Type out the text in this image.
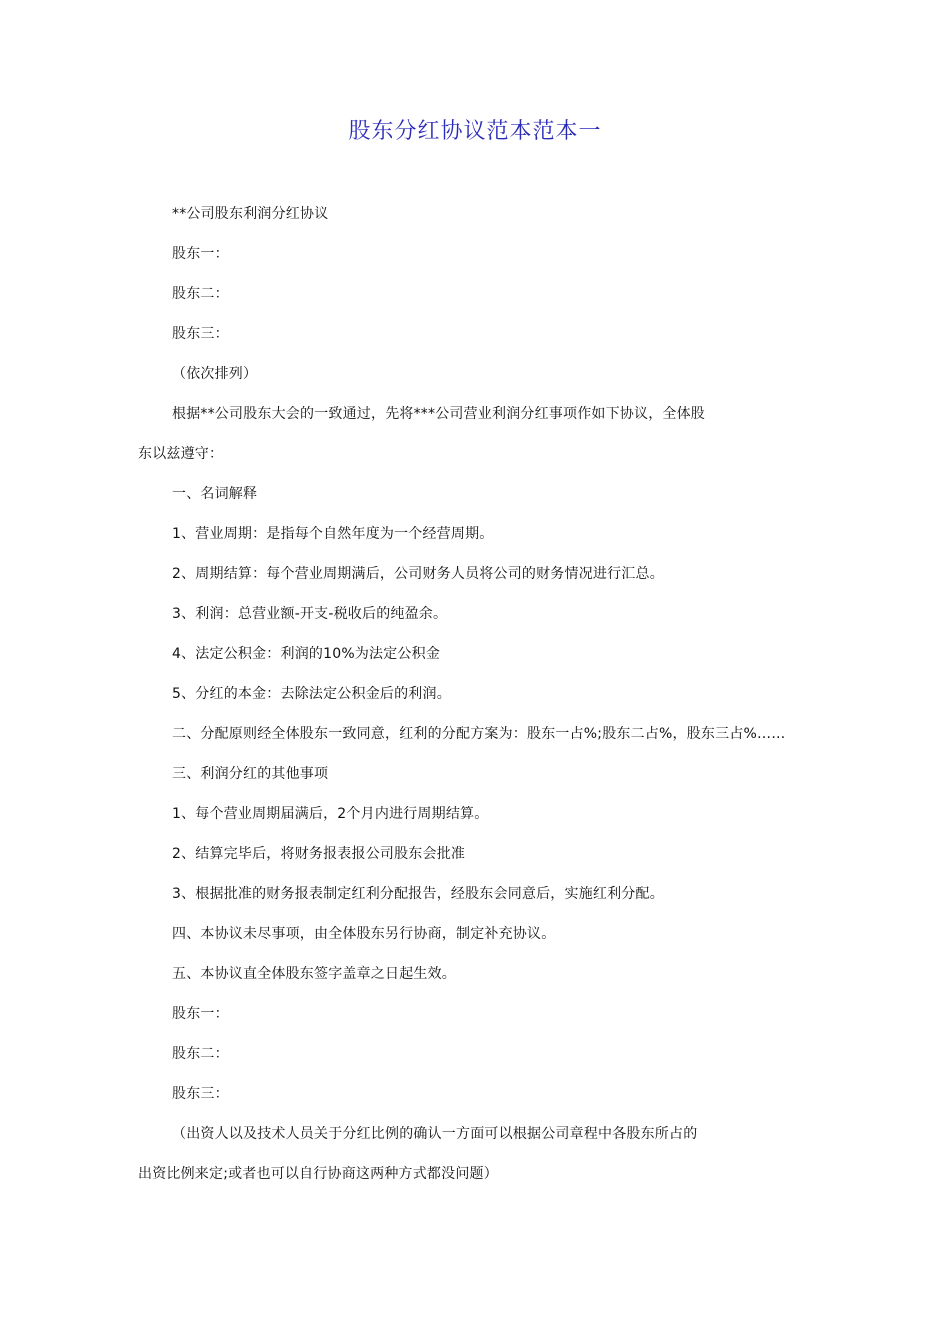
股东分红协议范本范本一
**公司股东利润分红协议
股东一：
股东二：
股东三：
（依次排列）
根据**公司股东大会的一致通过，先将***公司营业利润分红事项作如下协议，全体股
东以兹遵守：
一、名词解释
1、营业周期：是指每个自然年度为一个经营周期。
2、周期结算：每个营业周期满后，公司财务人员将公司的财务情况进行汇总。
3、利润：总营业额-开支-税收后的纯盈余。
4、法定公积金：利润的10%为法定公积金
5、分红的本金：去除法定公积金后的利润。
二、分配原则经全体股东一致同意，红利的分配方案为：股东一占%;股东二占%，股东三占%……
三、利润分红的其他事项
1、每个营业周期届满后，2个月内进行周期结算。
2、结算完毕后，将财务报表报公司股东会批准
3、根据批准的财务报表制定红利分配报告，经股东会同意后，实施红利分配。
四、本协议未尽事项，由全体股东另行协商，制定补充协议。
五、本协议直全体股东签字盖章之日起生效。
股东一：
股东二：
股东三：
（出资人以及技术人员关于分红比例的确认一方面可以根据公司章程中各股东所占的
出资比例来定;或者也可以自行协商这两种方式都没问题）
